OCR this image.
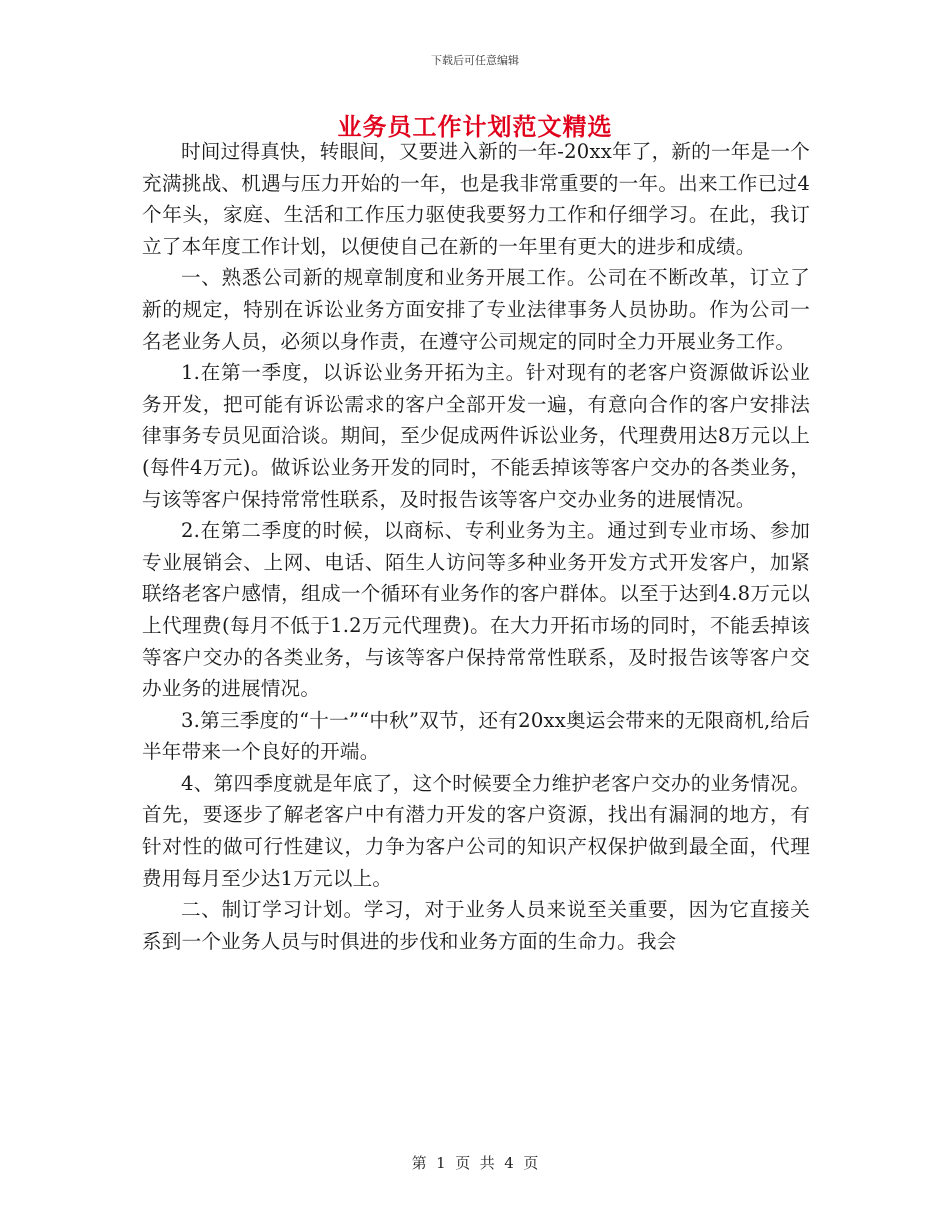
下载后可任意编辑
业务员工作计划范文精选

时间过得真快，转眼间，又要进入新的一年-20xx年了，新的一年是一个充满挑战、机遇与压力开始的一年，也是我非常重要的一年。出来工作已过4个年头，家庭、生活和工作压力驱使我要努力工作和仔细学习。在此，我订立了本年度工作计划，以便使自己在新的一年里有更大的进步和成绩。

一、熟悉公司新的规章制度和业务开展工作。公司在不断改革，订立了新的规定，特别在诉讼业务方面安排了专业法律事务人员协助。作为公司一名老业务人员，必须以身作责，在遵守公司规定的同时全力开展业务工作。

1.在第一季度，以诉讼业务开拓为主。针对现有的老客户资源做诉讼业务开发，把可能有诉讼需求的客户全部开发一遍，有意向合作的客户安排法律事务专员见面洽谈。期间，至少促成两件诉讼业务，代理费用达8万元以上(每件4万元)。做诉讼业务开发的同时，不能丢掉该等客户交办的各类业务，与该等客户保持常常性联系，及时报告该等客户交办业务的进展情况。

2.在第二季度的时候，以商标、专利业务为主。通过到专业市场、参加专业展销会、上网、电话、陌生人访问等多种业务开发方式开发客户，加紧联络老客户感情，组成一个循环有业务作的客户群体。以至于达到4.8万元以上代理费(每月不低于1.2万元代理费)。在大力开拓市场的同时，不能丢掉该等客户交办的各类业务，与该等客户保持常常性联系，及时报告该等客户交办业务的进展情况。

3.第三季度的“十一”“中秋”双节，还有20xx奥运会带来的无限商机,给后半年带来一个良好的开端。

4、第四季度就是年底了，这个时候要全力维护老客户交办的业务情况。首先，要逐步了解老客户中有潜力开发的客户资源，找出有漏洞的地方，有针对性的做可行性建议，力争为客户公司的知识产权保护做到最全面，代理费用每月至少达1万元以上。

二、制订学习计划。学习，对于业务人员来说至关重要，因为它直接关系到一个业务人员与时俱进的步伐和业务方面的生命力。我会

第  1  页  共  4  页
